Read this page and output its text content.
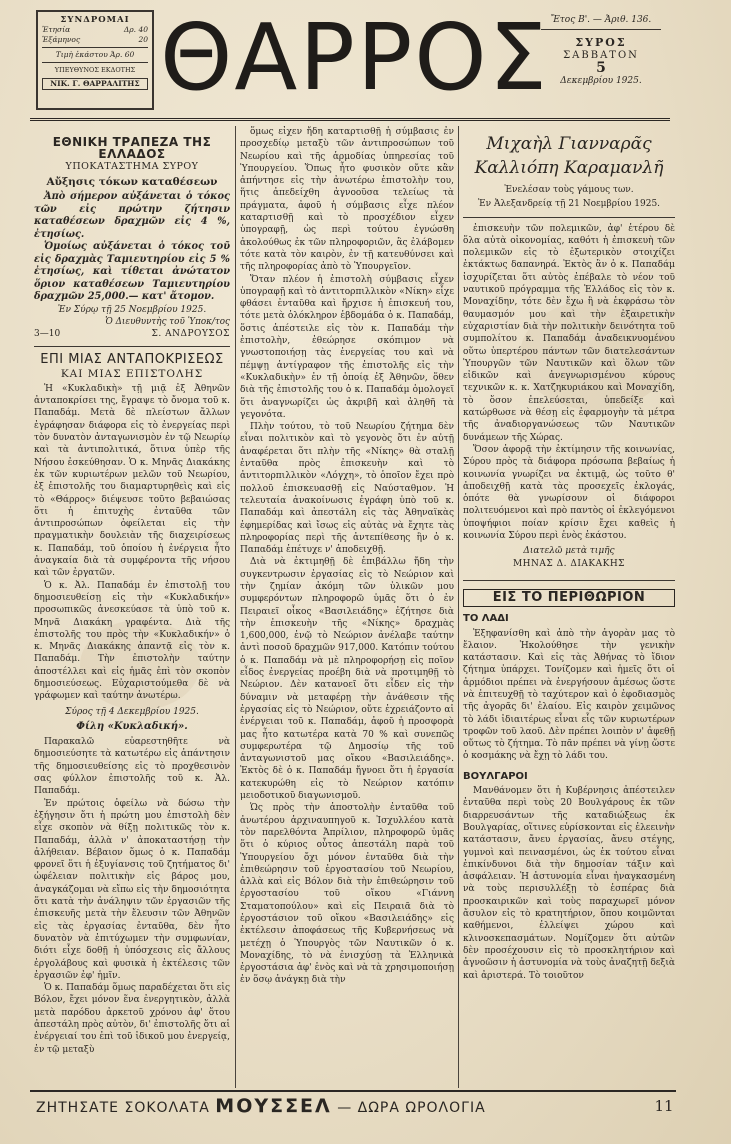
ΣΥΝΔΡΟΜΑΙ
Ἐτησία	Δρ. 40
Ἑξάμηνος	20
Τιμὴ ἑκάστου Ἀρ. 60
ΥΠΕΥΘΥΝΟΣ ΕΚΔΟΤΗΣ
ΝΙΚ. Γ. ΘΑΡΡΑΛΙΤΗΣ ΘΑΡΡΟΣ Ἔτος Β'. — Ἀριθ. 136.
ΣΥΡΟΣ
ΣΑΒΒΑΤΟΝ
5
Δεκεμβρίου 1925.
ΕΘΝΙΚΗ ΤΡΑΠΕΖΑ ΤΗΣ ΕΛΛΑΔΟΣ
ΥΠΟΚΑΤΑΣΤΗΜΑ ΣΥΡΟΥ
Αὔξησις τόκων καταθέσεων

Ἀπὸ σήμερον αὐξάνεται ὁ τόκος τῶν εἰς πρώτην ζήτησιν καταθέσεων δραχμῶν εἰς 4 %, ἐτησίως.

Ὁμοίως αὐξάνεται ὁ τόκος τοῦ εἰς δραχμὰς Ταμιευτηρίου εἰς 5 % ἐτησίως, καὶ τίθεται ἀνώτατον ὅριον καταθέσεων Ταμιευτηρίου δραχμῶν 25,000.— κατ' ἄτομον.

Ἐν Σύρῳ τῇ 25 Νοεμβρίου 1925.
Ὁ Διευθυντὴς τοῦ Ὑποκ/τος
3—10	Σ. ΑΝΔΡΟΥΣΟΣ
ΕΠΙ ΜΙΑΣ ΑΝΤΑΠΟΚΡΙΣΕΩΣ
ΚΑΙ ΜΙΑΣ ΕΠΙΣΤΟΛΗΣ

Ἡ «Κυκλαδικὴ» τῇ μιᾷ ἐξ Ἀθηνῶν ἀνταποκρίσει της, ἔγραψε τὸ ὄνομα τοῦ κ. Παπαδάμ. Μετὰ δὲ πλείστων ἄλλων ἐγράφησαν διάφορα εἰς τὸ ἐνεργείας περὶ τὸν δυνατὸν ἀνταγωνισμὸν ἐν τῷ Νεωρίῳ καὶ τὰ ἀντιπολιτικά, ὅτινα ὑπὲρ τῆς Νήσου ἐσκεύθησαν. Ὁ κ. Μηνᾶς Διακάκης ἐκ τῶν κυριωτέρων μελῶν τοῦ Νεωρίου, ἐξ ἐπιστολῆς του διαμαρτυρηθεὶς καὶ εἰς τὸ «Θάρρος» διέψευσε τοῦτο βεβαιώσας ὅτι ἡ ἐπιτυχὴς ἐνταῦθα τῶν ἀντιπροσώπων ὀφείλεται εἰς τὴν πραγματικὴν δουλειὰν τῆς διαχειρίσεως κ. Παπαδάμ, τοῦ ὁποίου ἡ ἐνέργεια ἦτο ἀναγκαία διὰ τὰ συμφέροντα τῆς νήσου καὶ τῶν ἐργατῶν.

Ὁ κ. Ἀλ. Παπαδάμ ἐν ἐπιστολῇ του δημοσιευθείσῃ εἰς τὴν «Κυκλαδικήν» προσωπικῶς ἀνεσκεύασε τὰ ὑπὸ τοῦ κ. Μηνᾶ Διακάκη γραφέντα. Διὰ τῆς ἐπιστολῆς του πρὸς τὴν «Κυκλαδικήν» ὁ κ. Μηνᾶς Διακάκης ἀπαντᾷ εἰς τὸν κ. Παπαδάμ. Τὴν ἐπιστολὴν ταύτην ἀποστέλλει καὶ εἰς ἡμᾶς ἐπὶ τὸν σκοπὸν δημοσιεύσεως. Εὐχαριστούμεθα δὲ νὰ γράφωμεν καὶ ταύτην ἀνωτέρω.

Σύρος τῇ 4 Δεκεμβρίου 1925.
Φίλη «Κυκλαδική».

Παρακαλῶ εὐαρεστηθῆτε νὰ δημοσιεύσητε τὰ κατωτέρω εἰς ἀπάντησιν τῆς δημοσιευθείσης εἰς τὸ προχθεσινὸν σας φύλλον ἐπιστολῆς τοῦ κ. Ἀλ. Παπαδάμ.

Ἐν πρώτοις ὀφείλω νὰ δώσω τὴν ἑξήγησιν ὅτι ἡ πρώτη μου ἐπιστολὴ δὲν εἶχε σκοπὸν νὰ θίξῃ πολιτικῶς τὸν κ. Παπαδάμ, ἀλλὰ ν' ἀποκαταστήσῃ τὴν ἀλήθειαν. Βέβαιον ὅμως ὁ κ. Παπαδάμ φρονεῖ ὅτι ἡ ἐξυγίανσις τοῦ ζητήματος δι' ὠφέλειαν πολιτικὴν εἰς βάρος μου, ἀναγκάζομαι νὰ εἴπω εἰς τὴν δημοσιότητα ὅτι κατὰ τὴν ἀνάληψιν τῶν ἐργασιῶν τῆς ἐπισκευῆς μετὰ τὴν ἔλευσιν τῶν Ἀθηνῶν εἰς τὰς ἐργασίας ἐνταῦθα, δὲν ἦτο δυνατὸν νὰ ἐπιτύχωμεν τὴν συμφωνίαν, διότι εἶχε δοθῇ ἡ ὑπόσχεσις εἰς ἄλλους ἐργολάβους καὶ φυσικὰ ἡ ἐκτέλεσις τῶν ἐργασιῶν ἐφ' ἡμῖν.

Ὁ κ. Παπαδάμ ὅμως παραδέχεται ὅτι εἰς Βόλον, ἔχει μόνον ἕνα ἐνεργητικὸν, ἀλλὰ μετὰ παρόδου ἀρκετοῦ χρόνου ἀφ' ὅτου ἀπεστάλη πρὸς αὐτὸν, δι' ἐπιστολῆς ὅτι αἱ ἐνέργειαί του ἐπὶ τοῦ ἰδικοῦ μου ἐνεργείᾳ, ἐν τῷ μεταξὺ

ὅμως εἶχεν ἤδη καταρτισθῇ ἡ σύμβασις ἐν προσχεδίῳ μεταξὺ τῶν ἀντιπροσώπων τοῦ Νεωρίου καὶ τῆς ἁρμοδίας ὑπηρεσίας τοῦ Ὑπουργείου. Ὅπως ἦτο φυσικὸν οὔτε κἂν ἀπήντησε εἰς τὴν ἀνωτέρω ἐπιστολὴν του, ἥτις ἀπεδείχθη ἀγνοοῦσα τελείως τὰ πράγματα, ἀφοῦ ἡ σύμβασις εἶχε πλέον καταρτισθῇ καὶ τὸ προσχέδιον εἶχεν ὑπογραφῇ, ὡς περὶ τούτου ἐγνώσθη ἀκολούθως ἐκ τῶν πληροφοριῶν, ἃς ἐλάβομεν τότε κατὰ τὸν καιρὸν, ἐν τῇ κατευθύνσει καὶ τῆς πληροφορίας ἀπὸ τὸ Ὑπουργεῖον.

Ὅταν πλέον ἡ ἐπιστολὴ σύμβασις εἶχεν ὑπογραφῇ καὶ τὸ ἀντιτορπιλλικὸν «Νίκη» εἶχε φθάσει ἐνταῦθα καὶ ἤρχισε ἡ ἐπισκευή του, τότε μετὰ ὁλόκληρον ἑβδομάδα ὁ κ. Παπαδάμ, ὅστις ἀπέστειλε εἰς τὸν κ. Παπαδάμ τὴν ἐπιστολὴν, ἐθεώρησε σκόπιμον νὰ γνωστοποιήσῃ τὰς ἐνεργείας του καὶ νὰ πέμψῃ ἀντίγραφον τῆς ἐπιστολῆς εἰς τὴν «Κυκλαδικὴν» ἐν τῇ ὁποίᾳ ἐξ Ἀθηνῶν, ὅθεν διὰ τῆς ἐπιστολῆς του ὁ κ. Παπαδάμ ὁμολογεῖ ὅτι ἀναγνωρίζει ὡς ἀκριβῆ καὶ ἀληθῆ τὰ γεγονότα.

Πλὴν τούτου, τὸ τοῦ Νεωρίου ζήτημα δὲν εἶναι πολιτικὸν καὶ τὸ γεγονὸς ὅτι ἐν αὐτῇ ἀναφέρεται ὅτι πλὴν τῆς «Νίκης» θὰ σταλῇ ἐνταῦθα πρὸς ἐπισκευὴν καὶ τὸ ἀντιτορπιλλικὸν «Λόγχη», τὸ ὁποῖον ἔχει πρὸ πολλοῦ ἐπισκευασθῇ εἰς Ναύσταθμον. Ἡ τελευταία ἀνακοίνωσις ἐγράφη ὑπὸ τοῦ κ. Παπαδάμ καὶ ἀπεστάλη εἰς τὰς Ἀθηναϊκὰς ἐφημερίδας καὶ ἴσως εἰς αὐτὰς νὰ ἔχητε τὰς πληροφορίας περὶ τῆς ἀντεπίθεσης ἣν ὁ κ. Παπαδάμ ἐπέτυχε ν' ἀποδειχθῇ.

Διὰ νὰ ἐκτιμηθῇ δὲ ἐπιβάλλω ἤδη τὴν συγκεντρωσιν ἐργασίας εἰς τὸ Νεώριον καὶ τὴν ζημίαν ἀκόμη τῶν ὑλικῶν μου συμφερόντων πληροφορῶ ὑμᾶς ὅτι ὁ ἐν Πειραιεῖ οἶκος «Βασιλειάδης» ἐζήτησε διὰ τὴν ἐπισκευὴν τῆς «Νίκης» δραχμὰς 1,600,000, ἐνῷ τὸ Νεώριον ἀνέλαβε ταύτην ἀντὶ ποσοῦ δραχμῶν 917,000. Κατόπιν τούτου ὁ κ. Παπαδάμ νὰ μὲ πληροφορήσῃ εἰς ποῖον εἶδος ἐνεργείας προέβη διὰ νὰ προτιμηθῇ τὸ Νεώριον. Δὲν κατανοεῖ ὅτι εἶδεν εἰς τὴν δύναμιν νὰ μεταφέρῃ τὴν ἀνάθεσιν τῆς ἐργασίας εἰς τὸ Νεώριον, οὔτε ἐχρειάζοντο αἱ ἐνέργειαι τοῦ κ. Παπαδάμ, ἀφοῦ ἡ προσφορὰ μας ἦτο κατωτέρα κατὰ 70 % καὶ συνεπῶς συμφερωτέρα τῷ Δημοσίῳ τῆς τοῦ ἀνταγωνιστοῦ μας οἴκου «Βασιλειάδης». Ἐκτὸς δὲ ὁ κ. Παπαδάμ ἤγνοει ὅτι ἡ ἐργασία κατεκυρώθη εἰς τὸ Νεώριον κατόπιν μειοδοτικοῦ διαγωνισμοῦ.

Ὡς πρὸς τὴν ἀποστολὴν ἐνταῦθα τοῦ ἀνωτέρου ἀρχιναυπηγοῦ κ. Ἰσχυλλέου κατὰ τὸν παρελθόντα Ἀπρίλιον, πληροφορῶ ὑμᾶς ὅτι ὁ κύριος οὗτος ἀπεστάλη παρὰ τοῦ Ὑπουργείου ὄχι μόνον ἐνταῦθα διὰ τὴν ἐπιθεώρησιν τοῦ ἐργοστασίου τοῦ Νεωρίου, ἀλλὰ καὶ εἰς Βόλον διὰ τὴν ἐπιθεώρησιν τοῦ ἐργοστασίου τοῦ οἴκου «Γιάννη Σταματοπούλου» καὶ εἰς Πειραιᾶ διὰ τὸ ἐργοστάσιον τοῦ οἴκου «Βασιλειάδης» εἰς ἐκτέλεσιν ἀποφάσεως τῆς Κυβερνήσεως νὰ μετέχῃ ὁ Ὑπουργὸς τῶν Ναυτικῶν ὁ κ. Μοναχίδης, τὸ νὰ ἐνισχύσῃ τὰ Ἑλληνικὰ ἐργοστάσια ἀφ' ἑνὸς καὶ νὰ τὰ χρησιμοποιήσῃ ἐν ὅσῳ ἀνάγκῃ διὰ τὴν

Μιχαὴλ Γιανναρᾶς
Καλλιόπη Καραμανλῆ
Ἐνελέσαν τοὺς γάμους των.
Ἐν Ἀλεξανδρείᾳ τῇ 21 Νοεμβρίου 1925.

ἐπισκευὴν τῶν πολεμικῶν, ἀφ' ἑτέρου δὲ ὅλα αὐτὰ οἰκονομίας, καθότι ἡ ἐπισκευὴ τῶν πολεμικῶν εἰς τὸ ἐξωτερικὸν στοιχίζει ἐκτάκτως δαπανηρά. Ἐκτὸς ἂν ὁ κ. Παπαδάμ ἰσχυρίζεται ὅτι αὐτὸς ἐπέβαλε τὸ νέον τοῦ ναυτικοῦ πρόγραμμα τῆς Ἑλλάδος εἰς τὸν κ. Μοναχίδην, τότε δὲν ἔχω ἢ νὰ ἐκφράσω τὸν θαυμασμόν μου καὶ τὴν ἐξαιρετικὴν εὐχαριστίαν διὰ τὴν πολιτικὴν δεινότητα τοῦ συμπολίτου κ. Παπαδάμ ἀναδεικνυομένου οὕτω ὑπερτέρου πάντων τῶν διατελεσάντων Ὑπουργῶν τῶν Ναυτικῶν καὶ ὅλων τῶν εἰδικῶν καὶ ἀνεγνωρισμένου κύρους τεχνικῶν κ. κ. Χατζηκυριάκου καὶ Μοναχίδη, τὸ ὅσον ἐπελεύσεται, ὑπεδείξε καὶ κατώρθωσε νὰ θέσῃ εἰς ἐφαρμογὴν τὰ μέτρα τῆς ἀναδιοργανώσεως τῶν Ναυτικῶν δυνάμεων τῆς Χώρας.

Ὅσον ἀφορᾷ τὴν ἐκτίμησιν τῆς κοινωνίας, Σύρου πρὸς τὰ διάφορα πρόσωπα βεβαίως ἡ κοινωνία γνωρίζει να ἐκτιμᾷ, ὡς τοῦτο θ' ἀποδειχθῇ κατὰ τὰς προσεχεῖς ἐκλογάς, ὁπότε θὰ γνωρίσουν οἱ διάφοροι πολιτευόμενοι καὶ πρὸ παντὸς οἱ ἐκλεγόμενοι ὑποψήφιοι ποίαν κρίσιν ἔχει καθεὶς ἡ κοινωνία Σύρου περὶ ἑνὸς ἑκάστου.

Διατελῶ μετὰ τιμῆς
ΜΗΝΑΣ Δ. ΔΙΑΚΑΚΗΣ
ΕΙΣ ΤΟ ΠΕΡΙΘΩΡΙΟΝ
ΤΟ ΛΑΔΙ

Ἐξηφανίσθη καὶ ἀπὸ τὴν ἀγορὰν μας τὸ ἔλαιον. Ἡκολούθησε τὴν γενικὴν κατάστασιν. Καὶ εἰς τὰς Ἀθήνας τὸ ἴδιον ζήτημα ὑπάρχει. Τονίζομεν καὶ ἡμεῖς ὅτι οἱ ἀρμόδιοι πρέπει νὰ ἐνεργήσουν ἀμέσως ὥστε νὰ ἐπιτευχθῇ τὸ ταχύτερον καὶ ὁ ἐφοδιασμὸς τῆς ἀγορᾶς δι' ἐλαίου. Εἰς καιρὸν χειμῶνος τὸ λάδι ἰδιαιτέρως εἶναι εἷς τῶν κυριωτέρων τροφῶν τοῦ λαοῦ. Δὲν πρέπει λοιπὸν ν' ἀφεθῇ οὕτως τὸ ζήτημα. Τὸ πᾶν πρέπει νὰ γίνῃ ὥστε ὁ κοσμάκης νὰ ἔχῃ τὸ λάδι του.

ΒΟΥΛΓΑΡΟΙ

Μανθάνομεν ὅτι ἡ Κυβέρνησις ἀπέστειλεν ἐνταῦθα περὶ τοὺς 20 Βουλγάρους ἐκ τῶν διαρρευσάντων τῆς καταδιώξεως ἐκ Βουλγαρίας, οἵτινες εὑρίσκονται εἰς ἐλεεινὴν κατάστασιν, ἄνευ ἐργασίας, ἄνευ στέγης, γυμνοὶ καὶ πεινασμένοι, ὡς ἐκ τούτου εἶναι ἐπικίνδυνοι διὰ τὴν δημοσίαν τάξιν καὶ ἀσφάλειαν. Ἡ ἀστυνομία εἶναι ἠναγκασμένη νὰ τοὺς περισυλλέξῃ τὸ ἑσπέρας διὰ προσκαιρικῶν καὶ τοὺς παραχωρεῖ μόνον ἄσυλον εἰς τὸ κρατητήριον, ὅπου κοιμῶνται καθήμενοι, ἐλλείψει χώρου καὶ κλινοσκεπασμάτων. Νομίζομεν ὅτι αὐτῶν δὲν προσέχουσιν εἰς τὸ προσκλητήριον καὶ ἀγνοῶσιν ἡ ἀστυνομία νὰ τοὺς ἀναζητῇ δεξιὰ καὶ ἀριστερά. Τὸ τοιοῦτον

ΖΗΤΗΣΑΤΕ ΣΟΚΟΛΑΤΑ ΜΟΥΣΣΕΛ — ΔΩΡΑ ΩΡΟΛΟΓΙΑ	11
